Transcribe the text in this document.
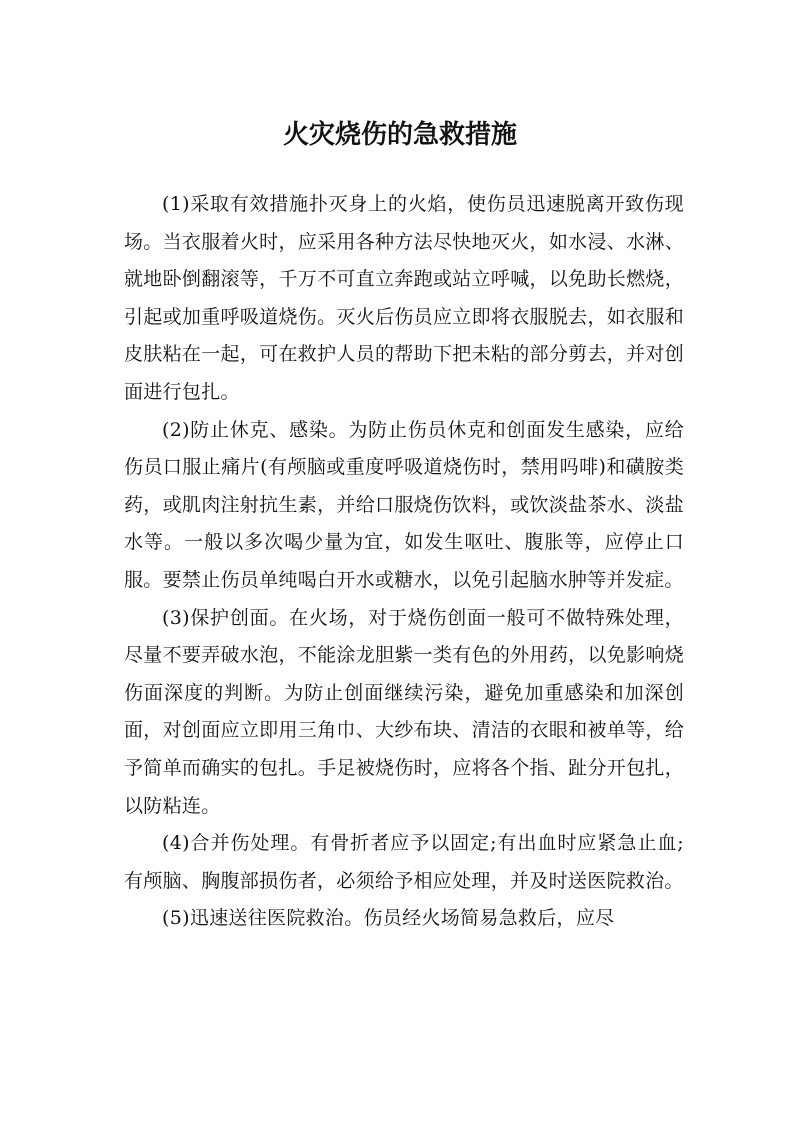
火灾烧伤的急救措施

(1)采取有效措施扑灭身上的火焰，使伤员迅速脱离开致伤现场。当衣服着火时，应采用各种方法尽快地灭火，如水浸、水淋、就地卧倒翻滚等，千万不可直立奔跑或站立呼喊，以免助长燃烧，引起或加重呼吸道烧伤。灭火后伤员应立即将衣服脱去，如衣服和皮肤粘在一起，可在救护人员的帮助下把未粘的部分剪去，并对创面进行包扎。

(2)防止休克、感染。为防止伤员休克和创面发生感染，应给伤员口服止痛片(有颅脑或重度呼吸道烧伤时，禁用吗啡)和磺胺类药，或肌肉注射抗生素，并给口服烧伤饮料，或饮淡盐茶水、淡盐水等。一般以多次喝少量为宜，如发生呕吐、腹胀等，应停止口服。要禁止伤员单纯喝白开水或糖水，以免引起脑水肿等并发症。

(3)保护创面。在火场，对于烧伤创面一般可不做特殊处理，尽量不要弄破水泡，不能涂龙胆紫一类有色的外用药，以免影响烧伤面深度的判断。为防止创面继续污染，避免加重感染和加深创面，对创面应立即用三角巾、大纱布块、清洁的衣眼和被单等，给予简单而确实的包扎。手足被烧伤时，应将各个指、趾分开包扎，以防粘连。

(4)合并伤处理。有骨折者应予以固定;有出血时应紧急止血;有颅脑、胸腹部损伤者，必须给予相应处理，并及时送医院救治。

(5)迅速送往医院救治。伤员经火场简易急救后，应尽
